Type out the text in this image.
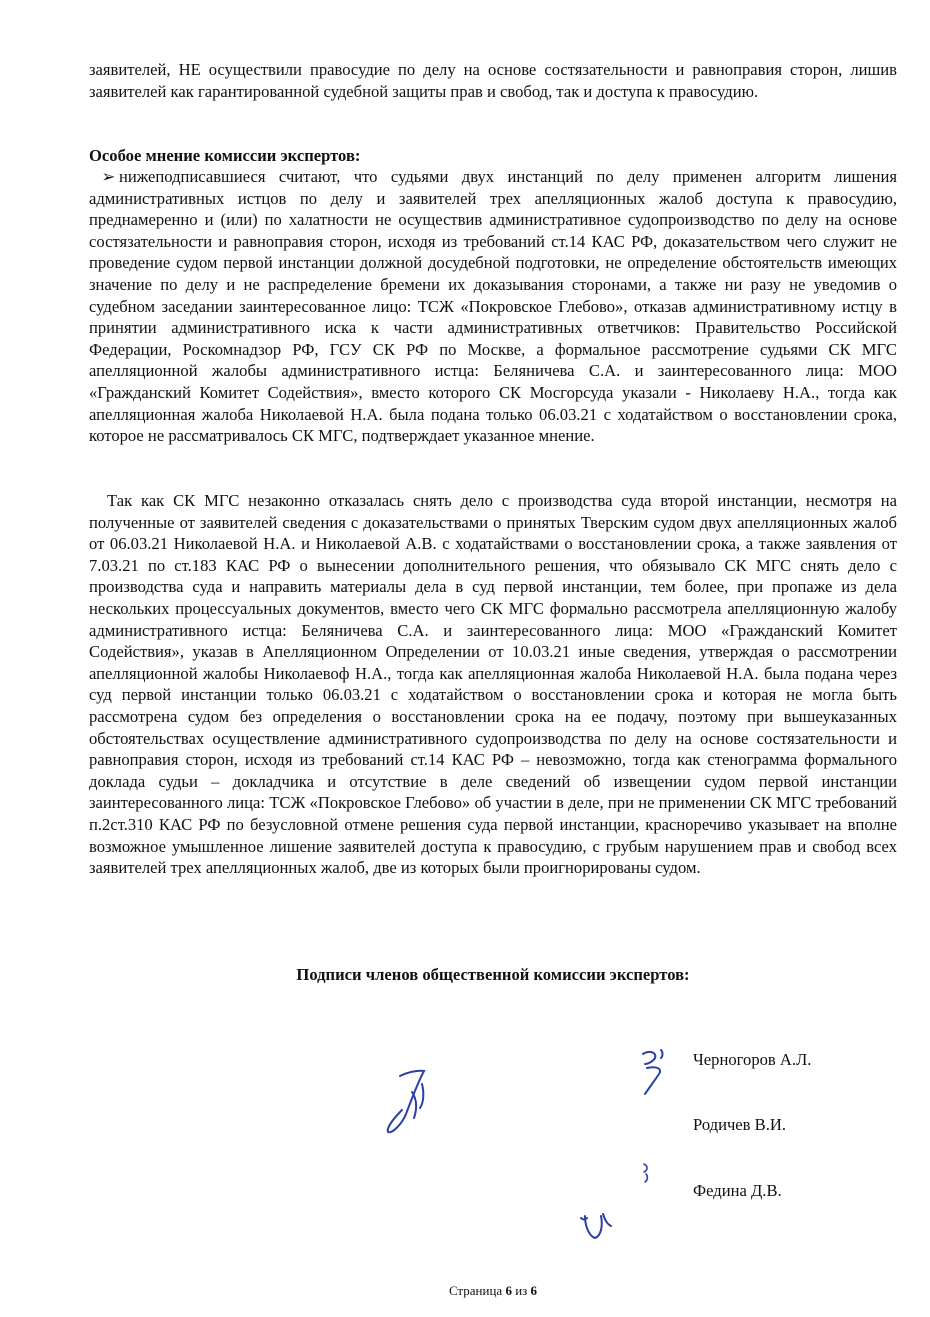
заявителей, НЕ осуществили правосудие по делу на основе состязательности и равноправия сторон, лишив заявителей как гарантированной судебной защиты прав и свобод, так и доступа к правосудию.
Особое мнение комиссии экспертов:

➢ нижеподписавшиеся считают, что судьями двух инстанций по делу применен алгоритм лишения административных истцов по делу и заявителей трех апелляционных жалоб доступа к правосудию, преднамеренно и (или) по халатности не осуществив административное судопроизводство по делу на основе состязательности и равноправия сторон, исходя из требований ст.14 КАС РФ, доказательством чего служит не проведение судом первой инстанции должной досудебной подготовки, не определение обстоятельств имеющих значение по делу и не распределение бремени их доказывания сторонами, а также ни разу не уведомив о судебном заседании заинтересованное лицо: ТСЖ «Покровское Глебово», отказав административному истцу в принятии административного иска к части административных ответчиков: Правительство Российской Федерации, Роскомнадзор РФ, ГСУ СК РФ по Москве, а формальное рассмотрение судьями СК МГС апелляционной жалобы административного истца: Беляничева С.А. и заинтересованного лица: МОО «Гражданский Комитет Содействия», вместо которого СК Мосгорсуда указали - Николаеву Н.А., тогда как апелляционная жалоба Николаевой Н.А. была подана только 06.03.21 с ходатайством о восстановлении срока, которое не рассматривалось СК МГС, подтверждает указанное мнение.

Так как СК МГС незаконно отказалась снять дело с производства суда второй инстанции, несмотря на полученные от заявителей сведения с доказательствами о принятых Тверским судом двух апелляционных жалоб от 06.03.21 Николаевой Н.А. и Николаевой А.В. с ходатайствами о восстановлении срока, а также заявления от 7.03.21 по ст.183 КАС РФ о вынесении дополнительного решения, что обязывало СК МГС снять дело с производства суда и направить материалы дела в суд первой инстанции, тем более, при пропаже из дела нескольких процессуальных документов, вместо чего СК МГС формально рассмотрела апелляционную жалобу административного истца: Беляничева С.А. и заинтересованного лица: МОО «Гражданский Комитет Содействия», указав в Апелляционном Определении от 10.03.21 иные сведения, утверждая о рассмотрении апелляционной жалобы Николаевоф Н.А., тогда как апелляционная жалоба Николаевой Н.А. была подана через суд первой инстанции только 06.03.21 с ходатайством о восстановлении срока и которая не могла быть рассмотрена судом без определения о восстановлении срока на ее подачу, поэтому при вышеуказанных обстоятельствах осуществление административного судопроизводства по делу на основе состязательности и равноправия сторон, исходя из требований ст.14 КАС РФ – невозможно, тогда как стенограмма формального доклада судьи – докладчика и отсутствие в деле сведений об извещении судом первой инстанции заинтересованного лица: ТСЖ «Покровское Глебово» об участии в деле, при не применении СК МГС требований п.2ст.310 КАС РФ по безусловной отмене решения суда первой инстанции, красноречиво указывает на вполне возможное умышленное лишение заявителей доступа к правосудию, с грубым нарушением прав и свобод всех заявителей трех апелляционных жалоб, две из которых были проигнорированы судом.

Подписи членов общественной комиссии экспертов:
Черногоров А.Л.
Родичев В.И.
Федина Д.В.
Страница 6 из 6
